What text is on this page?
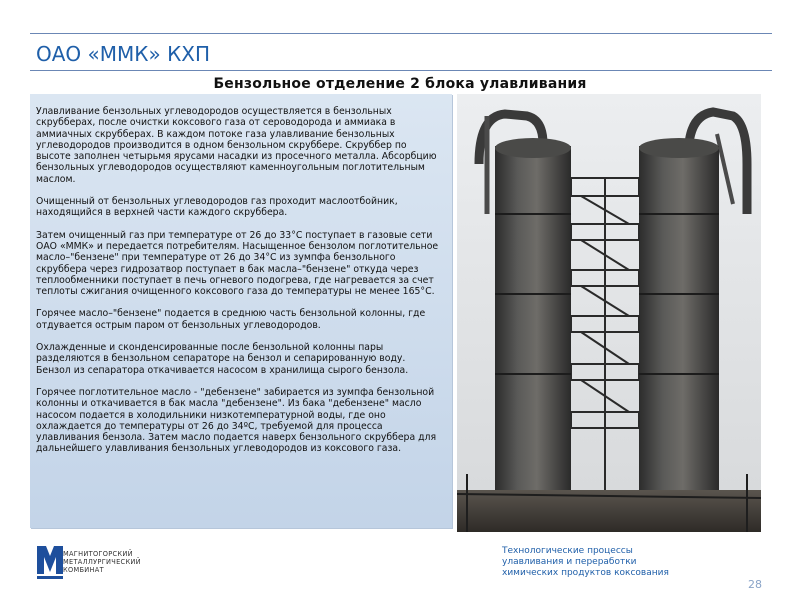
ОАО «ММК» КХП
Бензольное отделение 2 блока улавливания

Улавливание бензольных углеводородов осуществляется в бензольных скрубберах, после очистки коксового газа от сероводорода и аммиака в аммиачных скрубберах. В каждом потоке газа улавливание бензольных углеводородов производится в одном бензольном скруббере. Скруббер по высоте заполнен четырьмя ярусами насадки из просечного металла. Абсорбцию бензольных углеводородов осуществляют каменноугольным поглотительным маслом.

Очищенный от бензольных углеводородов газ проходит маслоотбойник, находящийся в верхней части каждого скруббера.

Затем очищенный газ при температуре от 26 до 33°С поступает в газовые сети ОАО «ММК» и передается потребителям. Насыщенное бензолом поглотительное масло–"бензене" при температуре от 26 до 34°С из зумпфа бензольного скруббера через гидрозатвор поступает в бак масла–"бензене" откуда через теплообменники поступает в печь огневого подогрева, где нагревается за счет теплоты сжигания очищенного коксового газа до температуры не менее 165°С.

Горячее масло–"бензене" подается в среднюю часть бензольной колонны, где отдувается острым паром от бензольных углеводородов.

Охлажденные и сконденсированные после бензольной колонны пары разделяются в бензольном сепараторе на бензол и сепарированную воду. Бензол из сепаратора откачивается насосом в хранилища сырого бензола.

Горячее поглотительное масло - "дебензене" забирается из зумпфа бензольной колонны и откачивается в бак масла "дебензене". Из бака "дебензене" масло насосом подается в холодильники низкотемпературной воды, где оно охлаждается до температуры от 26 до 34ºС, требуемой для процесса улавливания бензола. Затем масло подается наверх бензольного скруббера для дальнейшего улавливания бензольных углеводородов из коксового газа.

МАГНИТОГОРСКИЙ
МЕТАЛЛУРГИЧЕСКИЙ
КОМБИНАТ
Технологические процессы
улавливания и переработки
химических продуктов коксования
28
